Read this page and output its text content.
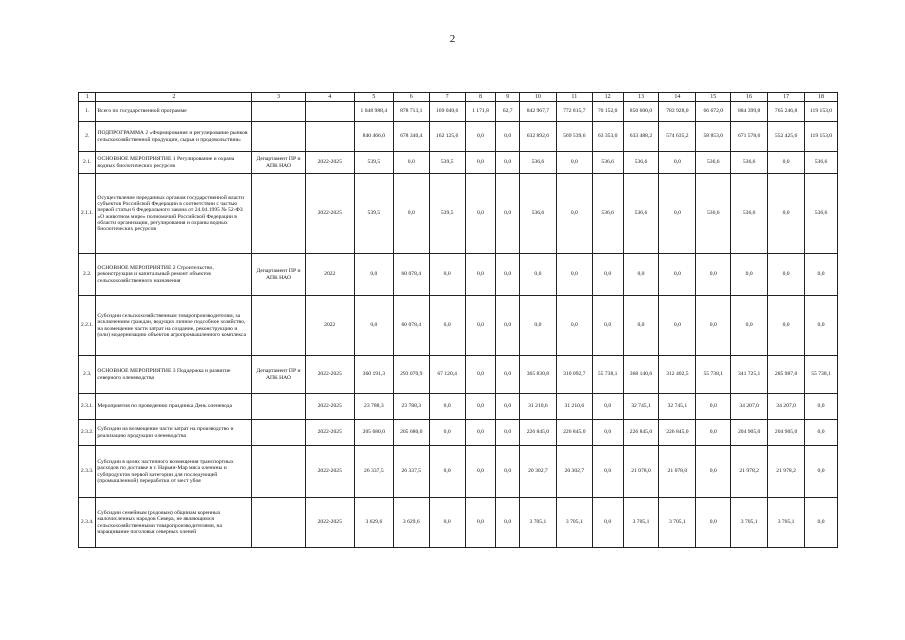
2
1	2	3	4	5	6	7	8	9	10	11	12	13	14	15	16	17	18
1.	Всего по государственной программе			1 048 988,4	878 713,1	169 040,6	1 171,8	62,7	842 967,7	772 815,7	70 152,0	850 600,0	783 928,0	66 672,0	884 399,8	765 246,8	119 153,0
2.	ПОДПРОГРАММА 2 «Формирование и регулирование рынков сельскохозяйственной продукции, сырья и продовольствия»			840 466,0	678 340,4	162 125,6	0,0	0,0	632 892,6	569 539,6	63 353,0	633 488,2	574 635,2	58 853,0	671 578,6	552 425,6	119 153,0
2.1.	ОСНОВНОЕ МЕРОПРИЯТИЕ 1 Регулирование и охрана водных биологических ресурсов	Департамент ПР и АПК НАО	2022-2025	539,5	0,0	539,5	0,0	0,0	536,6	0,0	536,6	536,6	0,0	536,6	536,6	0,0	536,6
2.1.1.	Осуществление переданных органам государственной власти субъектов Российской Федерации в соответствии с частью первой статьи 6 Федерального закона от 24.04.1995 № 52-ФЗ «О животном мире» полномочий Российской Федерации в области организации, регулирования и охраны водных биологических ресурсов		2022-2025	539,5	0,0	539,5	0,0	0,0	536,6	0,0	536,6	536,6	0,0	536,6	536,6	0,0	536,6
2.2.	ОСНОВНОЕ МЕРОПРИЯТИЕ 2 Строительство, реконструкция и капитальный ремонт объектов сельскохозяйственного назначения	Департамент ПР и АПК НАО	2022	0,0	60 078,4	0,0	0,0	0,0	0,0	0,0	0,0	0,0	0,0	0,0	0,0	0,0	0,0
2.2.1.	Субсидии сельскохозяйственным товаропроизводителям, за исключением граждан, ведущих личное подсобное хозяйство, на возмещение части затрат на создание, реконструкцию и (или) модернизацию объектов агропромышленного комплекса		2022	0,0	60 078,4	0,0	0,0	0,0	0,0	0,0	0,0	0,0	0,0	0,0	0,0	0,0	0,0
2.3.	ОСНОВНОЕ МЕРОПРИЯТИЕ 3 Поддержка и развитие северного оленеводства	Департамент ПР и АПК НАО	2022-2025	360 191,3	293 070,9	67 120,4	0,0	0,0	365 830,8	310 092,7	55 738,1	368 140,6	312 402,5	55 738,1	341 725,1	285 987,0	55 738,1
2.3.1.	Мероприятия по проведению праздника День оленевода		2022-2025	23 788,3	23 788,3	0,0	0,0	0,0	31 210,6	31 210,6	0,0	32 745,1	32 745,1	0,0	34 207,0	34 207,0	0,0
2.3.2.	Субсидии на возмещение части затрат на производство и реализацию продукции оленеводства		2022-2025	205 680,0	205 680,0	0,0	0,0	0,0	226 845,0	226 845,0	0,0	226 845,0	226 845,0	0,0	204 905,0	204 905,0	0,0
2.3.3.	Субсидии в целях частичного возмещения транспортных расходов по доставке в г. Нарьян-Мар мяса оленины и субпродуктов первой категории для последующей (промышленной) переработки от мест убоя		2022-2025	26 337,5	26 337,5	0,0	0,0	0,0	20 302,7	20 302,7	0,0	21 078,0	21 078,0	0,0	21 978,2	21 978,2	0,0
2.3.4.	Субсидии семейным (родовым) общинам коренных малочисленных народов Севера, не являющимся сельскохозяйственными товаропроизводителями, на наращивание поголовья северных оленей		2022-2025	3 629,6	3 629,6	0,0	0,0	0,0	3 705,1	3 705,1	0,0	3 705,1	3 705,1	0,0	3 705,1	3 705,1	0,0
